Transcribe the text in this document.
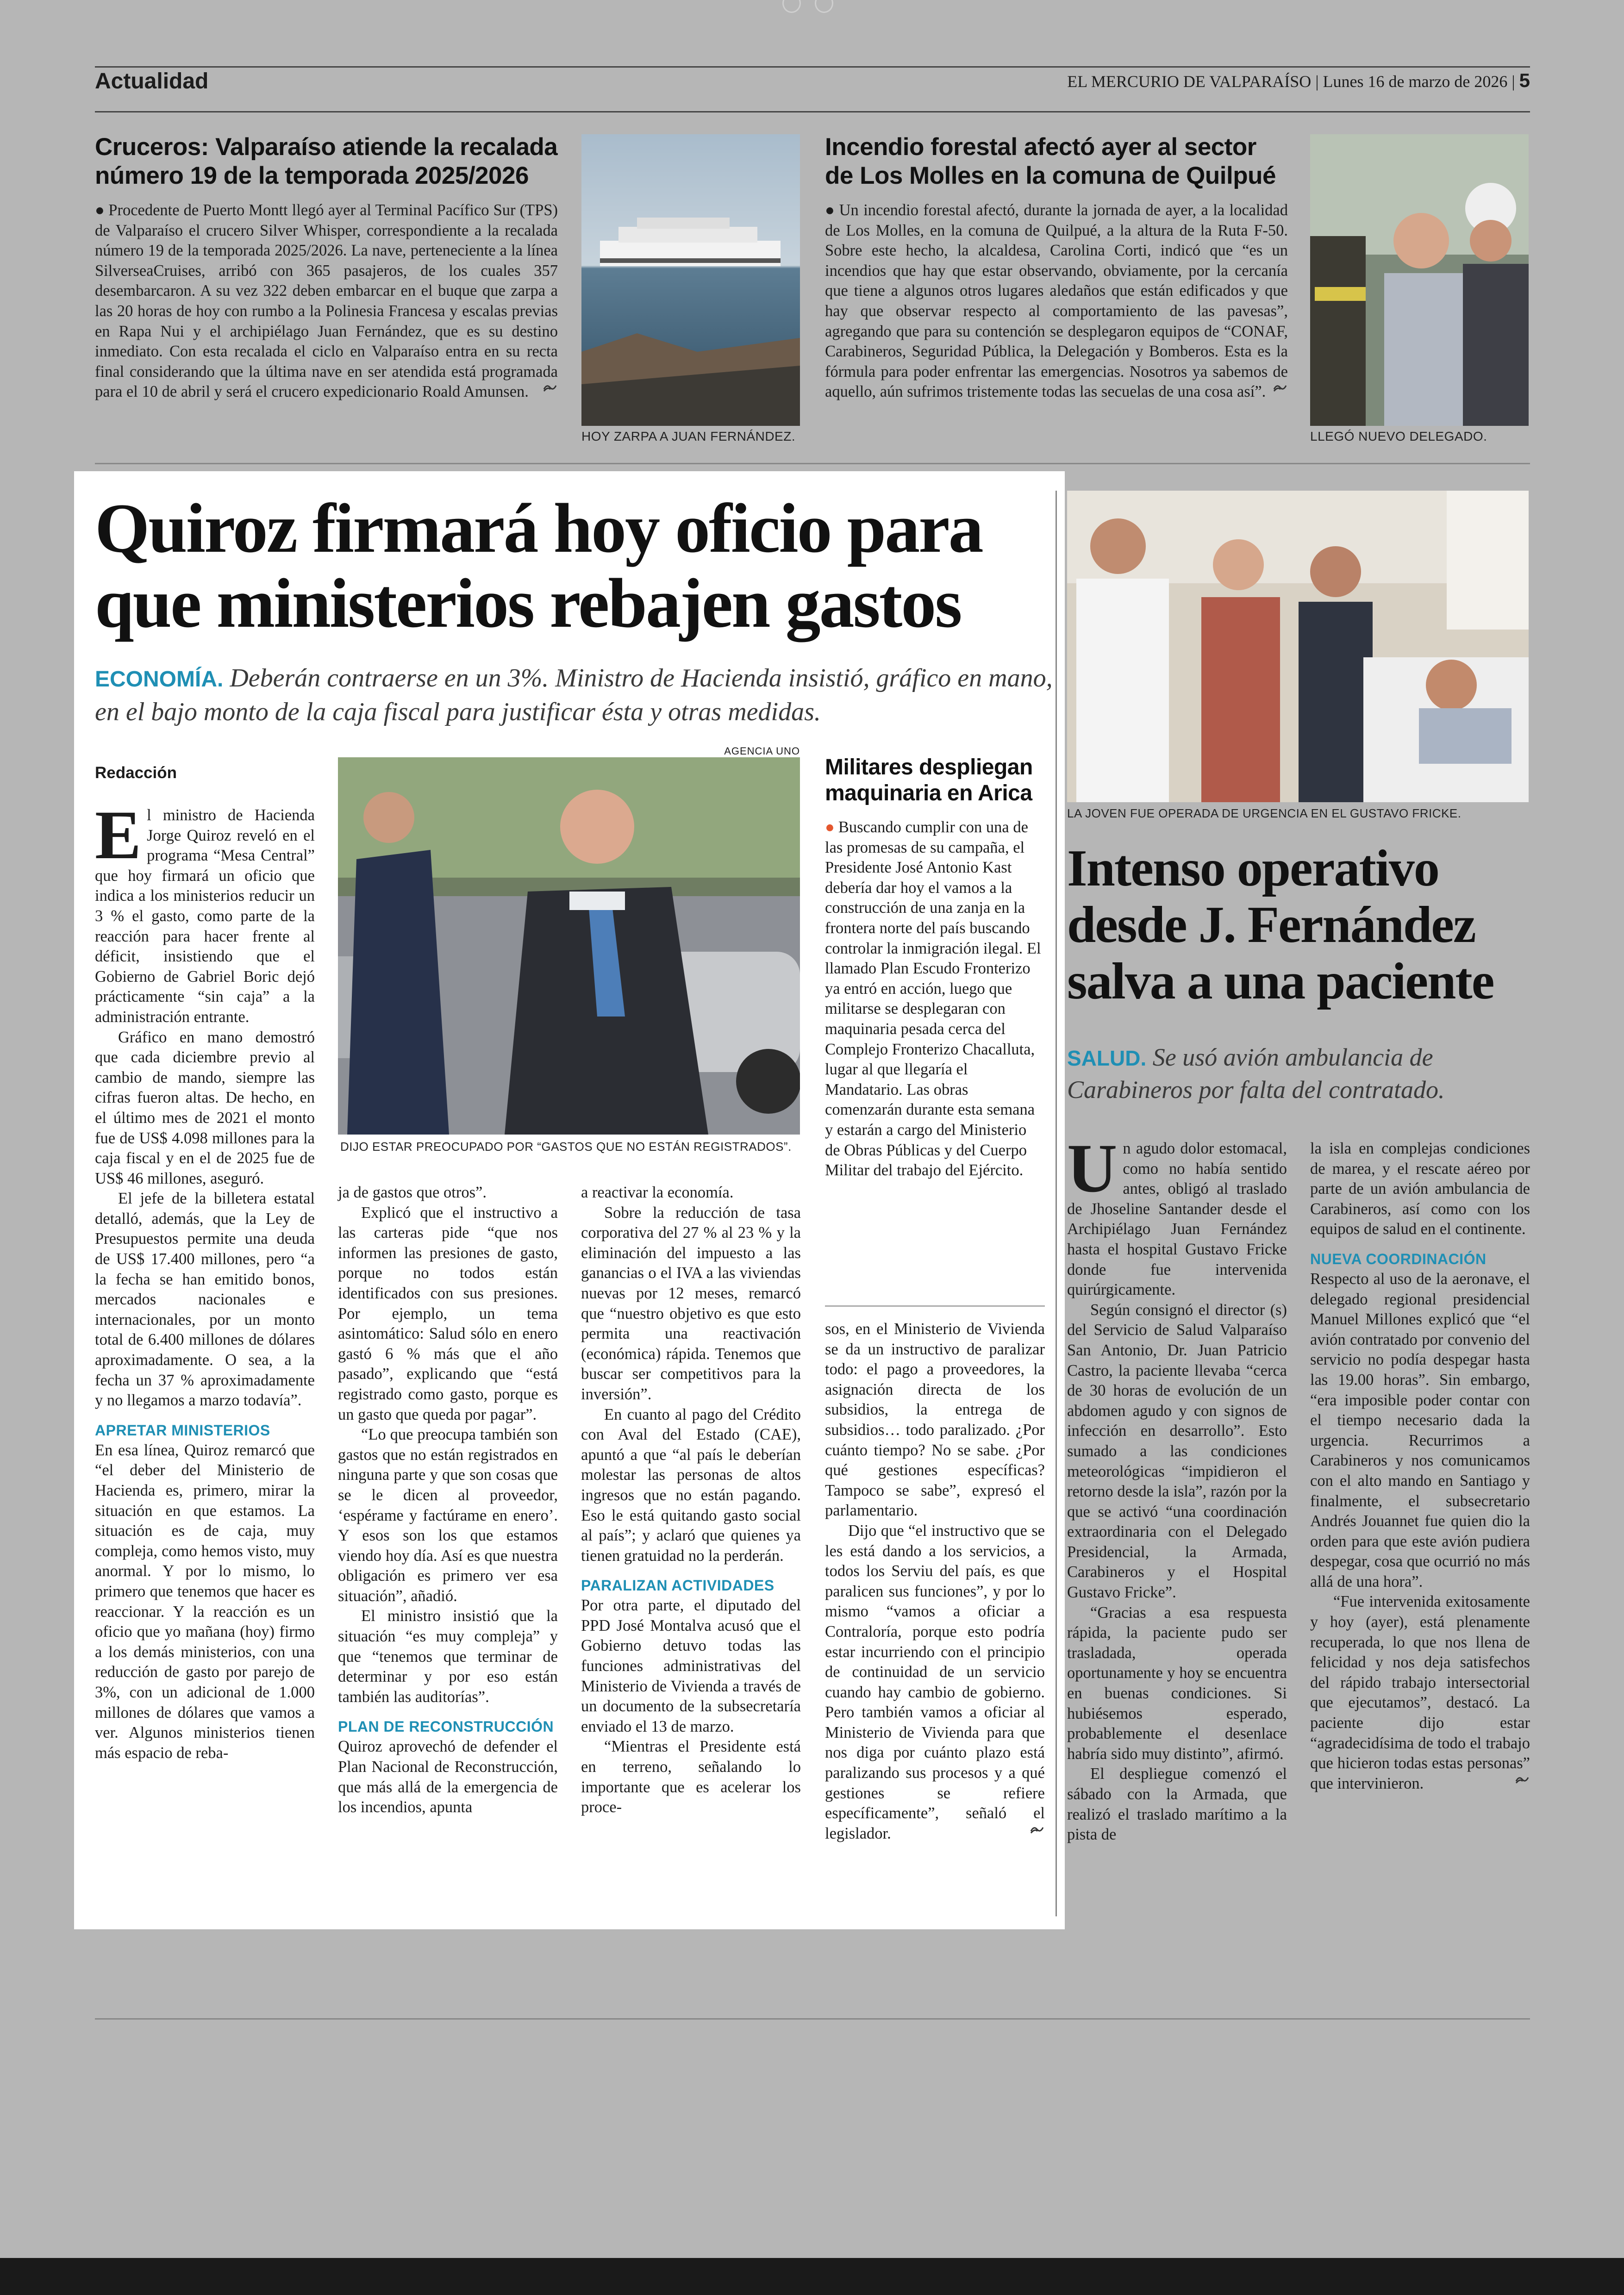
Actualidad	EL MERCURIO DE VALPARAÍSO | Lunes 16 de marzo de 2026 | 5
Cruceros: Valparaíso atiende la recalada número 19 de la temporada 2025/2026

● Procedente de Puerto Montt llegó ayer al Terminal Pacífico Sur (TPS) de Valparaíso el crucero Silver Whisper, correspondiente a la recalada número 19 de la temporada 2025/2026. La nave, perteneciente a la línea SilverseaCruises, arribó con 365 pasajeros, de los cuales 357 desembarcaron. A su vez 322 deben embarcar en el buque que zarpa a las 20 horas de hoy con rumbo a la Polinesia Francesa y escalas previas en Rapa Nui y el archipiélago Juan Fernández, que es su destino inmediato. Con esta recalada el ciclo en Valparaíso entra en su recta final considerando que la última nave en ser atendida está programada para el 10 de abril y será el crucero expedicionario Roald Amunsen.

HOY ZARPA A JUAN FERNÁNDEZ.
Incendio forestal afectó ayer al sector de Los Molles en la comuna de Quilpué

● Un incendio forestal afectó, durante la jornada de ayer, a la localidad de Los Molles, en la comuna de Quilpué, a la altura de la Ruta F-50. Sobre este hecho, la alcaldesa, Carolina Corti, indicó que “es un incendios que hay que estar observando, obviamente, por la cercanía que tiene a algunos otros lugares aledaños que están edificados y que hay que observar respecto al comportamiento de las pavesas”, agregando que para su contención se desplegaron equipos de “CONAF, Carabineros, Seguridad Pública, la Delegación y Bomberos. Esta es la fórmula para poder enfrentar las emergencias. Nosotros ya sabemos de aquello, aún sufrimos tristemente todas las secuelas de una cosa así”.

LLEGÓ NUEVO DELEGADO.
Quiroz firmará hoy oficio para que ministerios rebajen gastos
ECONOMÍA. Deberán contraerse en un 3%. Ministro de Hacienda insistió, gráfico en mano, en el bajo monto de la caja fiscal para justificar ésta y otras medidas.
Redacción
AGENCIA UNO
DIJO ESTAR PREOCUPADO POR “GASTOS QUE NO ESTÁN REGISTRADOS”.

El ministro de Hacienda Jorge Quiroz reveló en el programa “Mesa Central” que hoy firmará un oficio que indica a los ministerios reducir un 3 % el gasto, como parte de la reacción para hacer frente al déficit, insistiendo que el Gobierno de Gabriel Boric dejó prácticamente “sin caja” a la administración entrante.

Gráfico en mano demostró que cada diciembre previo al cambio de mando, siempre las cifras fueron altas. De hecho, en el último mes de 2021 el monto fue de US$ 4.098 millones para la caja fiscal y en el de 2025 fue de US$ 46 millones, aseguró.

El jefe de la billetera estatal detalló, además, que la Ley de Presupuestos permite una deuda de US$ 17.400 millones, pero “a la fecha se han emitido bonos, mercados nacionales e internacionales, por un monto total de 6.400 millones de dólares aproximadamente. O sea, a la fecha un 37 % aproximadamente y no llegamos a marzo todavía”.

APRETAR MINISTERIOS

En esa línea, Quiroz remarcó que “el deber del Ministerio de Hacienda es, primero, mirar la situación en que estamos. La situación es de caja, muy compleja, como hemos visto, muy anormal. Y por lo mismo, lo primero que tenemos que hacer es reaccionar. Y la reacción es un oficio que yo mañana (hoy) firmo a los demás ministerios, con una reducción de gasto por parejo de 3%, con un adicional de 1.000 millones de dólares que vamos a ver. Algunos ministerios tienen más espacio de reba-

ja de gastos que otros”.

Explicó que el instructivo a las carteras pide “que nos informen las presiones de gasto, porque no todos están identificados con sus presiones. Por ejemplo, un tema asintomático: Salud sólo en enero gastó 6 % más que el año pasado”, explicando que “está registrado como gasto, porque es un gasto que queda por pagar”.

“Lo que preocupa también son gastos que no están registrados en ninguna parte y que son cosas que se le dicen al proveedor, ‘espérame y factúrame en enero’. Y esos son los que estamos viendo hoy día. Así es que nuestra obligación es primero ver esa situación”, añadió.

El ministro insistió que la situación “es muy compleja” y que “tenemos que terminar de determinar y por eso están también las auditorías”.

PLAN DE RECONSTRUCCIÓN

Quiroz aprovechó de defender el Plan Nacional de Reconstrucción, que más allá de la emergencia de los incendios, apunta

a reactivar la economía.

Sobre la reducción de tasa corporativa del 27 % al 23 % y la eliminación del impuesto a las ganancias o el IVA a las viviendas nuevas por 12 meses, remarcó que “nuestro objetivo es que esto permita una reactivación (económica) rápida. Tenemos que buscar ser competitivos para la inversión”.

En cuanto al pago del Crédito con Aval del Estado (CAE), apuntó a que “al país le deberían molestar las personas de altos ingresos que no están pagando. Eso le está quitando gasto social al país”; y aclaró que quienes ya tienen gratuidad no la perderán.

PARALIZAN ACTIVIDADES

Por otra parte, el diputado del PPD José Montalva acusó que el Gobierno detuvo todas las funciones administrativas del Ministerio de Vivienda a través de un documento de la subsecretaría enviado el 13 de marzo.

“Mientras el Presidente está en terreno, señalando lo importante que es acelerar los proce-

Militares despliegan maquinaria en Arica

● Buscando cumplir con una de las promesas de su campaña, el Presidente José Antonio Kast debería dar hoy el vamos a la construcción de una zanja en la frontera norte del país buscando controlar la inmigración ilegal. El llamado Plan Escudo Fronterizo ya entró en acción, luego que militarse se desplegaran con maquinaria pesada cerca del Complejo Fronterizo Chacalluta, lugar al que llegaría el Mandatario. Las obras comenzarán durante esta semana y estarán a cargo del Ministerio de Obras Públicas y del Cuerpo Militar del trabajo del Ejército.

sos, en el Ministerio de Vivienda se da un instructivo de paralizar todo: el pago a proveedores, la asignación directa de los subsidios, la entrega de subsidios… todo paralizado. ¿Por cuánto tiempo? No se sabe. ¿Por qué gestiones específicas? Tampoco se sabe”, expresó el parlamentario.

Dijo que “el instructivo que se les está dando a los servicios, a todos los Serviu del país, es que paralicen sus funciones”, y por lo mismo “vamos a oficiar a Contraloría, porque esto podría estar incurriendo con el principio de continuidad de un servicio cuando hay cambio de gobierno. Pero también vamos a oficiar al Ministerio de Vivienda para que nos diga por cuánto plazo está paralizando sus procesos y a qué gestiones se refiere específicamente”, señaló el legislador.

LA JOVEN FUE OPERADA DE URGENCIA EN EL GUSTAVO FRICKE.
Intenso operativo desde J. Fernández salva a una paciente
SALUD. Se usó avión ambulancia de Carabineros por falta del contratado.

Un agudo dolor estomacal, como no había sentido antes, obligó al traslado de Jhoseline Santander desde el Archipiélago Juan Fernández hasta el hospital Gustavo Fricke donde fue intervenida quirúrgicamente.

Según consignó el director (s) del Servicio de Salud Valparaíso San Antonio, Dr. Juan Patricio Castro, la paciente llevaba “cerca de 30 horas de evolución de un abdomen agudo y con signos de infección en desarrollo”. Esto sumado a las condiciones meteorológicas “impidieron el retorno desde la isla”, razón por la que se activó “una coordinación extraordinaria con el Delegado Presidencial, la Armada, Carabineros y el Hospital Gustavo Fricke”.

“Gracias a esa respuesta rápida, la paciente pudo ser trasladada, operada oportunamente y hoy se encuentra en buenas condiciones. Si hubiésemos esperado, probablemente el desenlace habría sido muy distinto”, afirmó.

El despliegue comenzó el sábado con la Armada, que realizó el traslado marítimo a la pista de

la isla en complejas condiciones de marea, y el rescate aéreo por parte de un avión ambulancia de Carabineros, así como con los equipos de salud en el continente.

NUEVA COORDINACIÓN

Respecto al uso de la aeronave, el delegado regional presidencial Manuel Millones explicó que “el avión contratado por convenio del servicio no podía despegar hasta las 19.00 horas”. Sin embargo, “era imposible poder contar con el tiempo necesario dada la urgencia. Recurrimos a Carabineros y nos comunicamos con el alto mando en Santiago y finalmente, el subsecretario Andrés Jouannet fue quien dio la orden para que este avión pudiera despegar, cosa que ocurrió no más allá de una hora”.

“Fue intervenida exitosamente y hoy (ayer), está plenamente recuperada, lo que nos llena de felicidad y nos deja satisfechos del rápido trabajo intersectorial que ejecutamos”, destacó. La paciente dijo estar “agradecidísima de todo el trabajo que hicieron todas estas personas” que intervinieron.
